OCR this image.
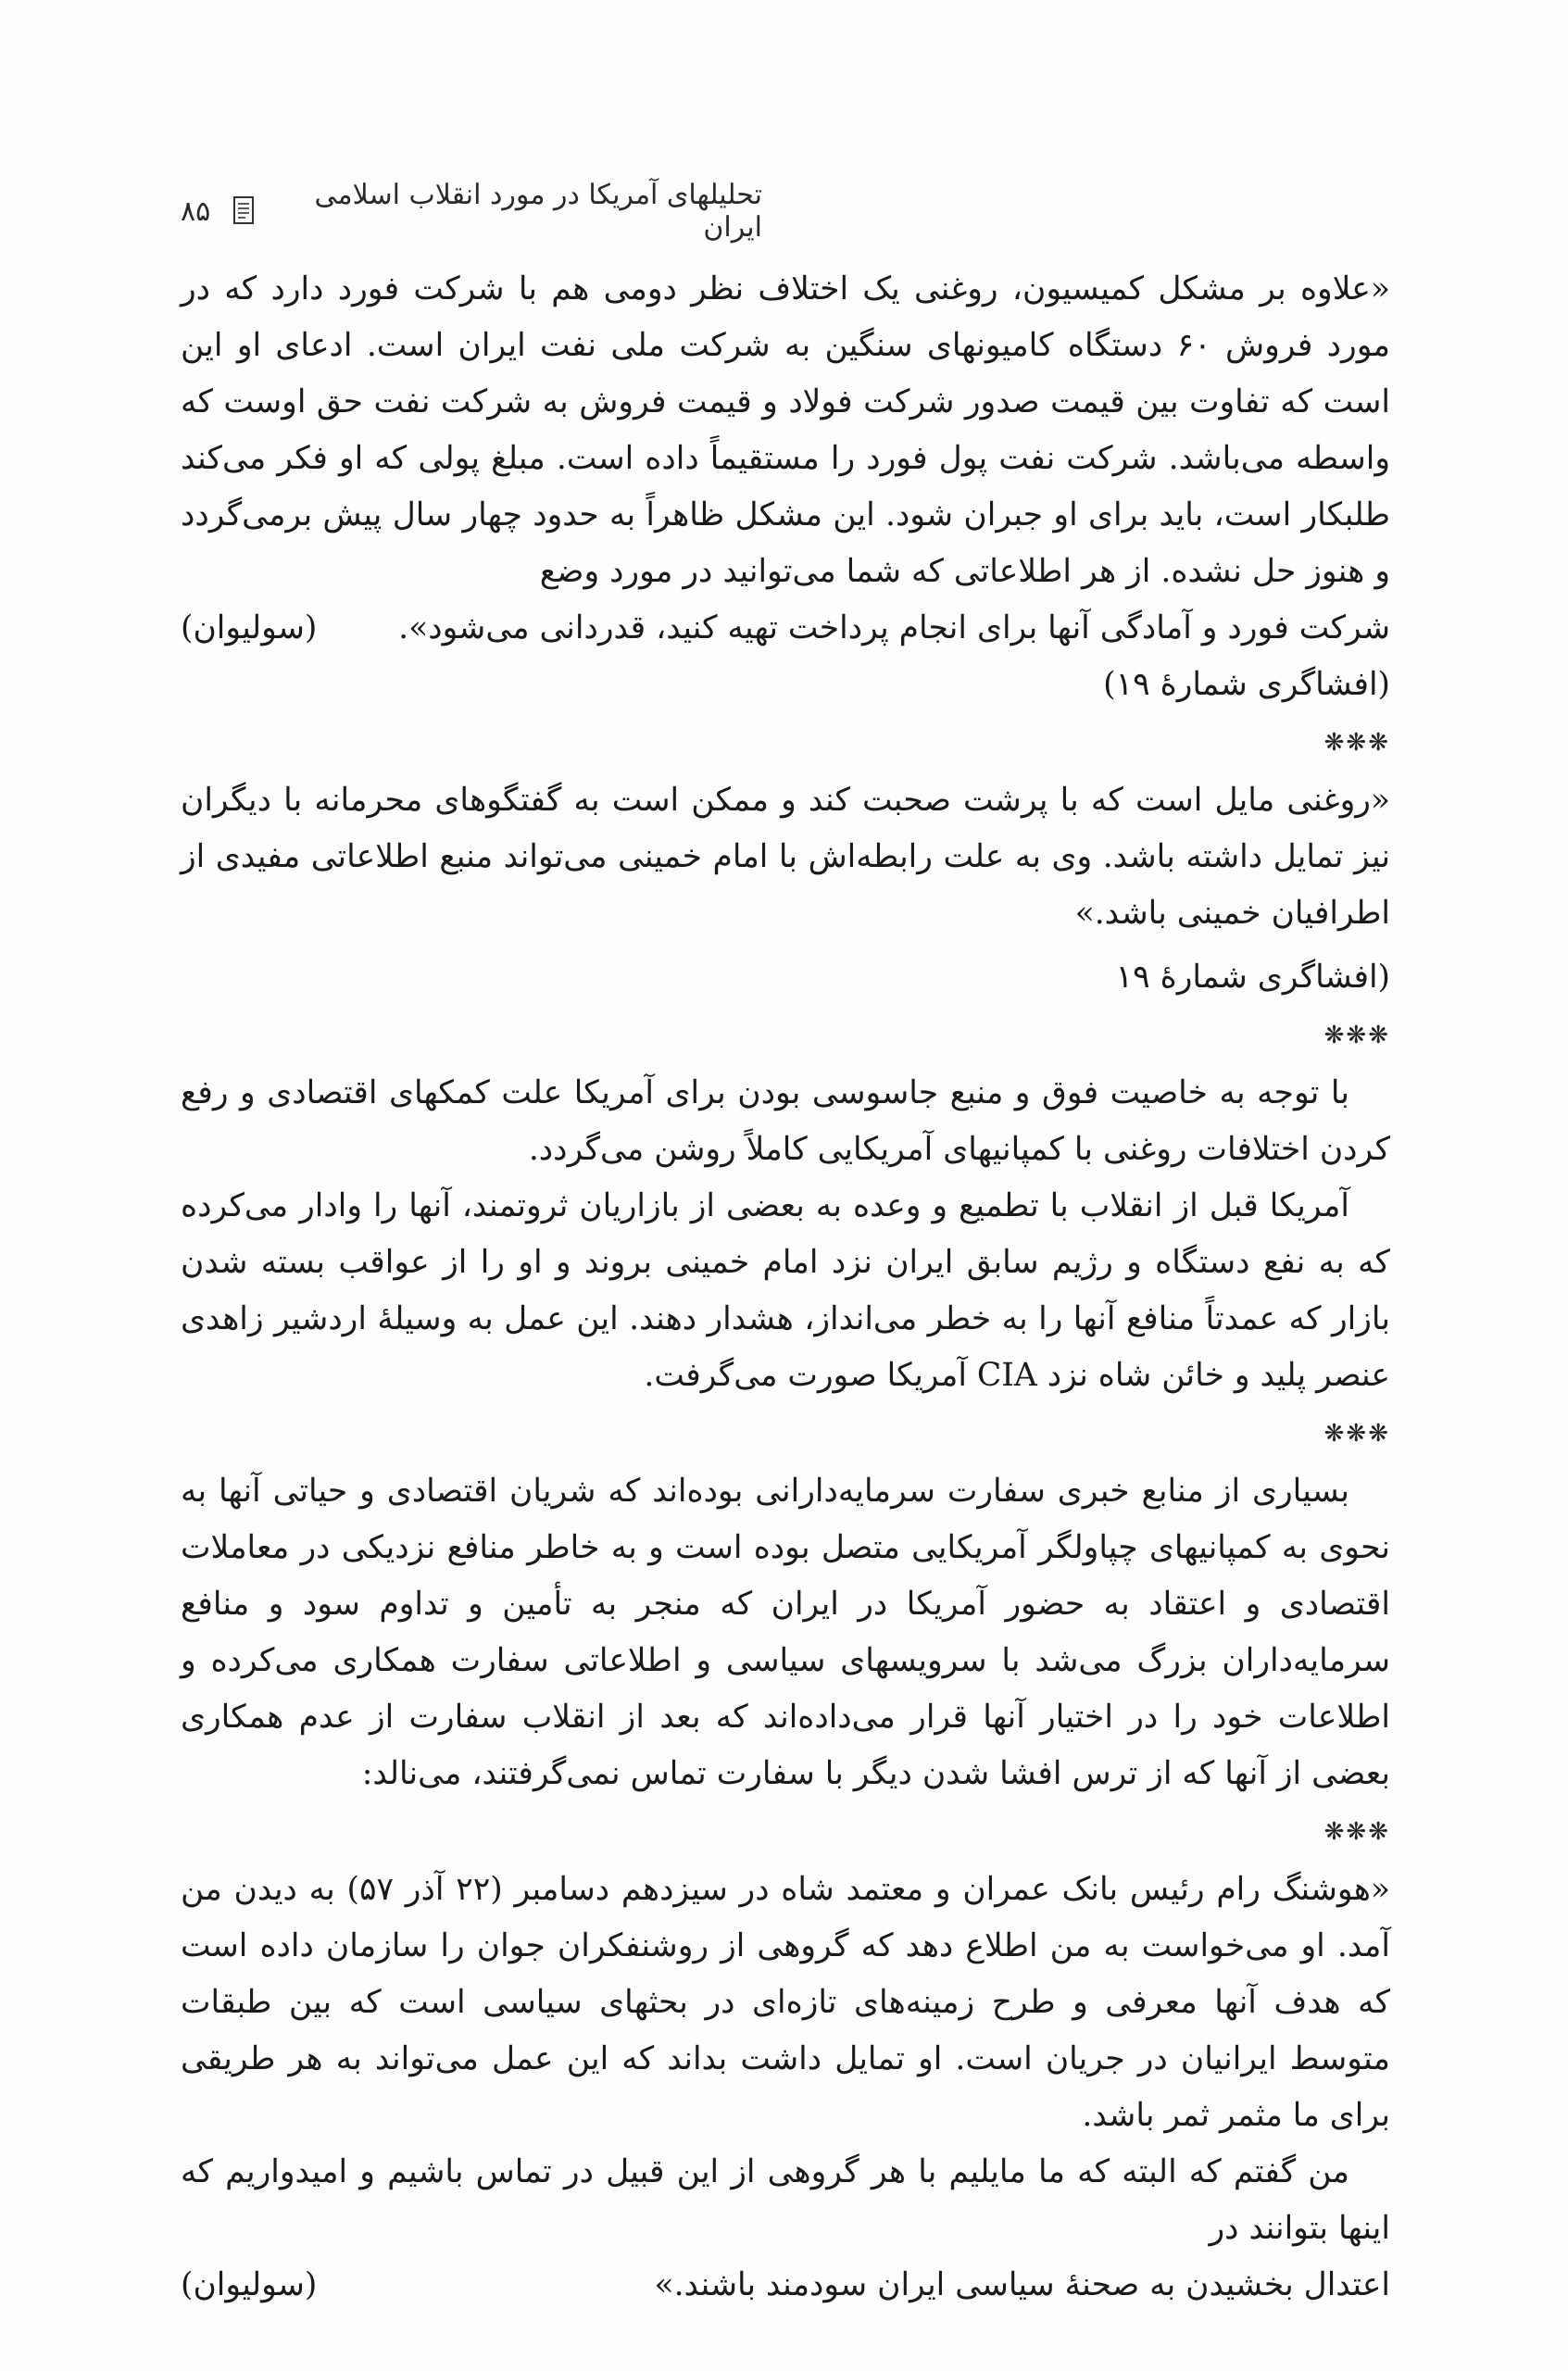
تحلیلهای آمریکا در مورد انقلاب اسلامی ایران
۸۵

«علاوه بر مشکل کمیسیون، روغنی یک اختلاف نظر دومی هم با شرکت فورد دارد که در مورد فروش ۶۰ دستگاه کامیونهای سنگین به شرکت ملی نفت ایران است. ادعای او این است که تفاوت بین قیمت صدور شرکت فولاد و قیمت فروش به شرکت نفت حق اوست که واسطه می‌باشد. شرکت نفت پول فورد را مستقیماً داده است. مبلغ پولی که او فکر می‌کند طلبکار است، باید برای او جبران شود. این مشکل ظاهراً به حدود چهار سال پیش برمی‌گردد و هنوز حل نشده. از هر اطلاعاتی که شما می‌توانید در مورد وضع

شرکت فورد و آمادگی آنها برای انجام پرداخت تهیه کنید، قدردانی می‌شود».
(سولیوان)

(افشاگری شمارهٔ ۱۹)

❋❋❋

«روغنی مایل است که با پرشت صحبت کند و ممکن است به گفتگوهای محرمانه با دیگران نیز تمایل داشته باشد. وی به علت رابطه‌اش با امام خمینی می‌تواند منبع اطلاعاتی مفیدی از اطرافیان خمینی باشد.»

(افشاگری شمارهٔ ۱۹

❋❋❋

با توجه به خاصیت فوق و منبع جاسوسی بودن برای آمریکا علت کمکهای اقتصادی و رفع کردن اختلافات روغنی با کمپانیهای آمریکایی کاملاً روشن می‌گردد.

آمریکا قبل از انقلاب با تطمیع و وعده به بعضی از بازاریان ثروتمند، آنها را وادار می‌کرده که به نفع دستگاه و رژیم سابق ایران نزد امام خمینی بروند و او را از عواقب بسته شدن بازار که عمدتاً منافع آنها را به خطر می‌انداز، هشدار دهند. این عمل به وسیلهٔ اردشیر زاهدی عنصر پلید و خائن شاه نزد CIA آمریکا صورت می‌گرفت.

❋❋❋

بسیاری از منابع خبری سفارت سرمایه‌دارانی بوده‌اند که شریان اقتصادی و حیاتی آنها به نحوی به کمپانیهای چپاولگر آمریکایی متصل بوده است و به خاطر منافع نزدیکی در معاملات اقتصادی و اعتقاد به حضور آمریکا در ایران که منجر به تأمین و تداوم سود و منافع سرمایه‌داران بزرگ می‌شد با سرویسهای سیاسی و اطلاعاتی سفارت همکاری می‌کرده و اطلاعات خود را در اختیار آنها قرار می‌داده‌اند که بعد از انقلاب سفارت از عدم همکاری بعضی از آنها که از ترس افشا شدن دیگر با سفارت تماس نمی‌گرفتند، می‌نالد:

❋❋❋

«هوشنگ رام رئیس بانک عمران و معتمد شاه در سیزدهم دسامبر (۲۲ آذر ۵۷) به دیدن من آمد. او می‌خواست به من اطلاع دهد که گروهی از روشنفکران جوان را سازمان داده است که هدف آنها معرفی و طرح زمینه‌های تازه‌ای در بحثهای سیاسی است که بین طبقات متوسط ایرانیان در جریان است. او تمایل داشت بداند که این عمل می‌تواند به هر طریقی برای ما مثمر ثمر باشد.

من گفتم که البته که ما مایلیم با هر گروهی از این قبیل در تماس باشیم و امیدواریم که اینها بتوانند در

اعتدال بخشیدن به صحنهٔ سیاسی ایران سودمند باشند.»
(سولیوان)
